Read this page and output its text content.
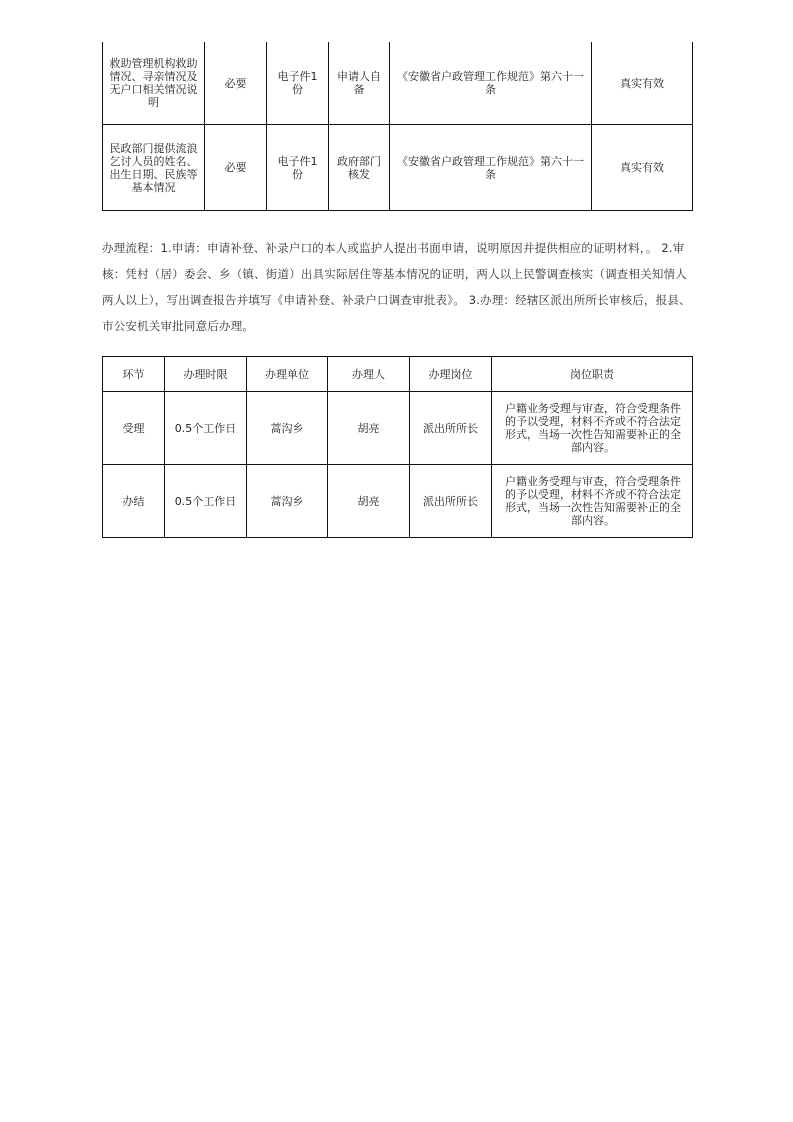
救助管理机构救助情况、寻亲情况及无户口相关情况说明	必要	电子件1份	申请人自备	《安徽省户政管理工作规范》第六十一条	真实有效
民政部门提供流浪乞讨人员的姓名、出生日期、民族等基本情况	必要	电子件1份	政府部门核发	《安徽省户政管理工作规范》第六十一条	真实有效
办理流程：1.申请：申请补登、补录户口的本人或监护人提出书面申请，说明原因并提供相应的证明材料，。 2.审核：凭村（居）委会、乡（镇、街道）出具实际居住等基本情况的证明，两人以上民警调查核实（调查相关知情人两人以上），写出调查报告并填写《申请补登、补录户口调查审批表》。 3.办理：经辖区派出所所长审核后，报县、市公安机关审批同意后办理。
环节	办理时限	办理单位	办理人	办理岗位	岗位职责
受理	0.5个工作日	蒿沟乡	胡亮	派出所所长	户籍业务受理与审查，符合受理条件的予以受理，材料不齐或不符合法定形式，当场一次性告知需要补正的全部内容。

办结	0.5个工作日	蒿沟乡	胡亮	派出所所长	户籍业务受理与审查，符合受理条件的予以受理，材料不齐或不符合法定形式，当场一次性告知需要补正的全部内容。
